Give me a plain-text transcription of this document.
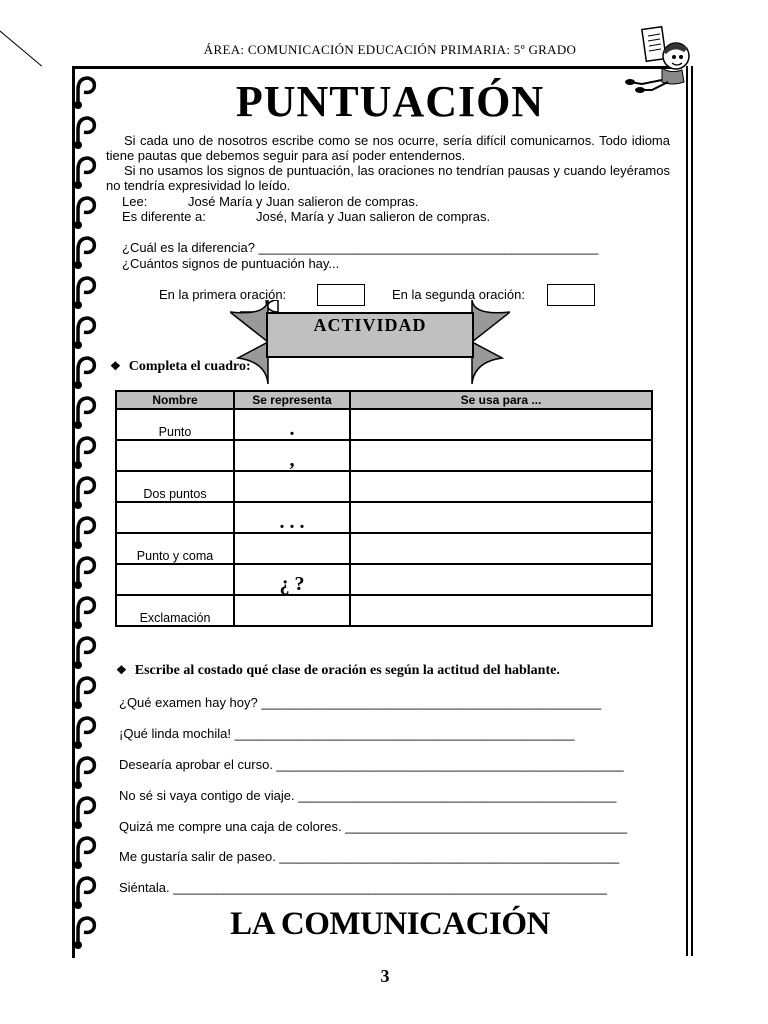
ÁREA: COMUNICACIÓN EDUCACIÓN PRIMARIA: 5º GRADO
PUNTUACIÓN
Si cada uno de nosotros escribe como se nos ocurre, sería difícil comunicarnos. Todo idioma tiene pautas que debemos seguir para así poder entendernos.
Si no usamos los signos de puntuación, las oraciones no tendrían pausas y cuando leyéramos no tendría expresividad lo leído.
Lee:	José María y Juan salieron de compras.
Es diferente a:	José, María y Juan salieron de compras.
¿Cuál es la diferencia? _______________________________________________
¿Cuántos signos de puntuación hay...
En la primera oración:	En la segunda oración:
ACTIVIDAD
❖ Completa el cuadro:
Nombre	Se representa	Se usa para ...
Punto	.	
	,	
Dos puntos		
	. . .	
Punto y coma		
	¿ ?	
Exclamación		
❖ Escribe al costado qué clase de oración es según la actitud del hablante.
¿Qué examen hay hoy? _______________________________________________
¡Qué linda mochila! _______________________________________________
Desearía aprobar el curso. ________________________________________________
No sé si vaya contigo de viaje. ____________________________________________
Quizá me compre una caja de colores. _______________________________________
Me gustaría salir de paseo. _______________________________________________
Siéntala. ____________________________________________________________
LA COMUNICACIÓN
3
